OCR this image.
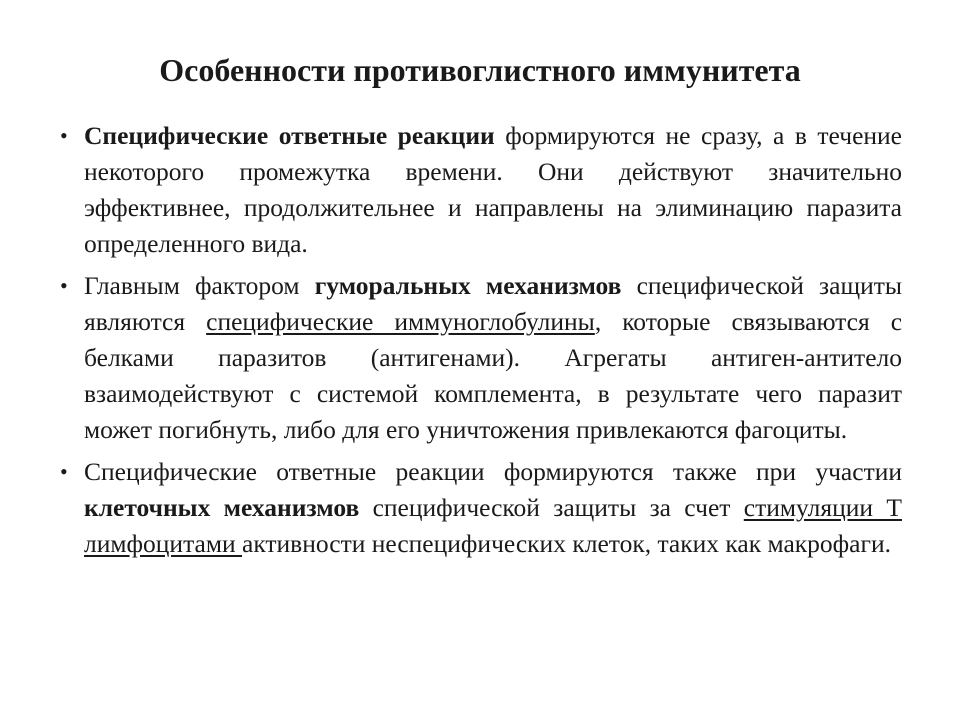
Особенности противоглистного иммунитета
• Специфические ответные реакции формируются не сразу, а в течение некоторого промежутка времени. Они действуют значительно эффективнее, продолжительнее и направлены на элиминацию паразита определенного вида.
• Главным фактором гуморальных механизмов специфической защиты являются специфические иммуноглобулины, которые связываются с белками паразитов (антигенами). Агрегаты антиген-антитело взаимодействуют с системой комплемента, в результате чего паразит может погибнуть, либо для его уничтожения привлекаются фагоциты.
• Специфические ответные реакции формируются также при участии клеточных механизмов специфической защиты за счет стимуляции Т лимфоцитами активности неспецифических клеток, таких как макрофаги.
